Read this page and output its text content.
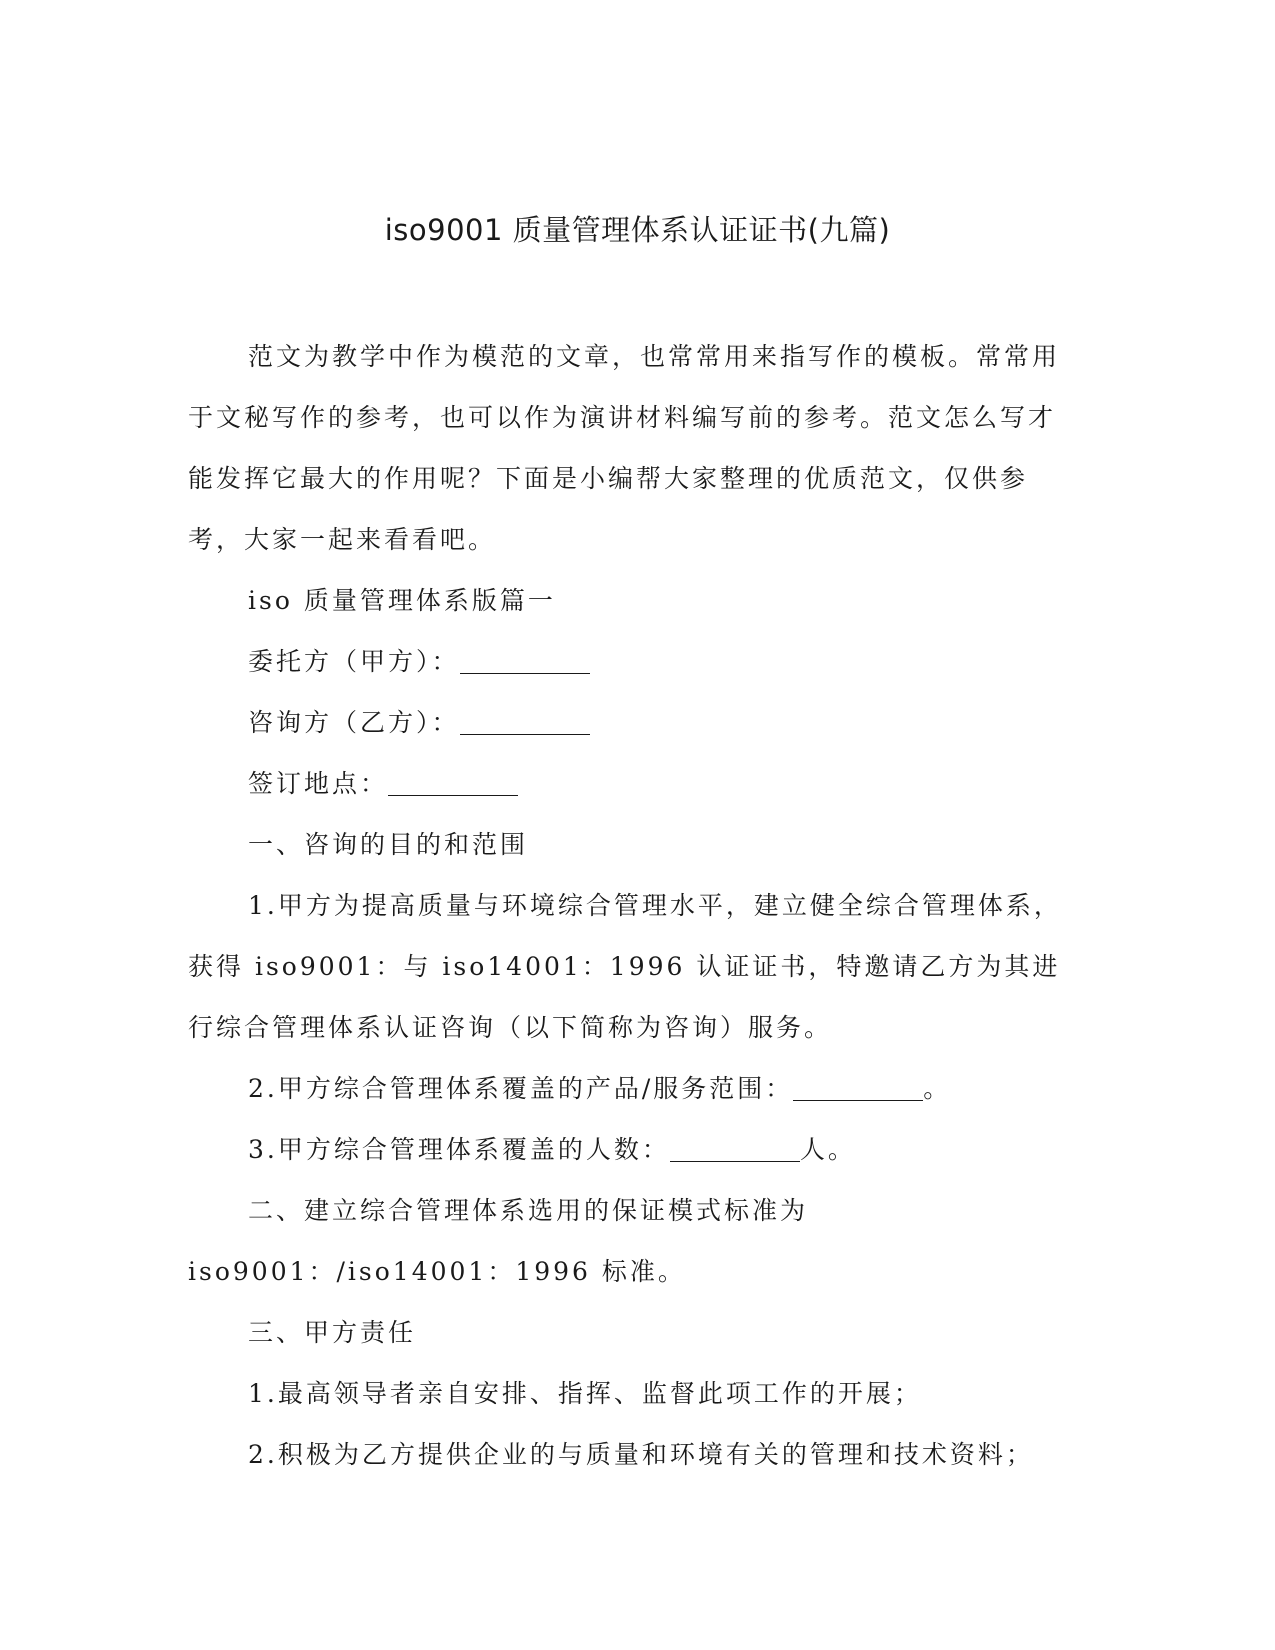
iso9001 质量管理体系认证证书(九篇)

范文为教学中作为模范的文章，也常常用来指写作的模板。常常用于文秘写作的参考，也可以作为演讲材料编写前的参考。范文怎么写才能发挥它最大的作用呢？下面是小编帮大家整理的优质范文，仅供参考，大家一起来看看吧。

iso 质量管理体系版篇一

委托方（甲方）：

咨询方（乙方）：

签订地点：

一、咨询的目的和范围

1.甲方为提高质量与环境综合管理水平，建立健全综合管理体系，获得 iso9001：与 iso14001：1996 认证证书，特邀请乙方为其进行综合管理体系认证咨询（以下简称为咨询）服务。

2.甲方综合管理体系覆盖的产品/服务范围：	。

3.甲方综合管理体系覆盖的人数：	人。

二、建立综合管理体系选用的保证模式标准为 iso9001：/iso14001：1996 标准。

三、甲方责任

1.最高领导者亲自安排、指挥、监督此项工作的开展；

2.积极为乙方提供企业的与质量和环境有关的管理和技术资料；
